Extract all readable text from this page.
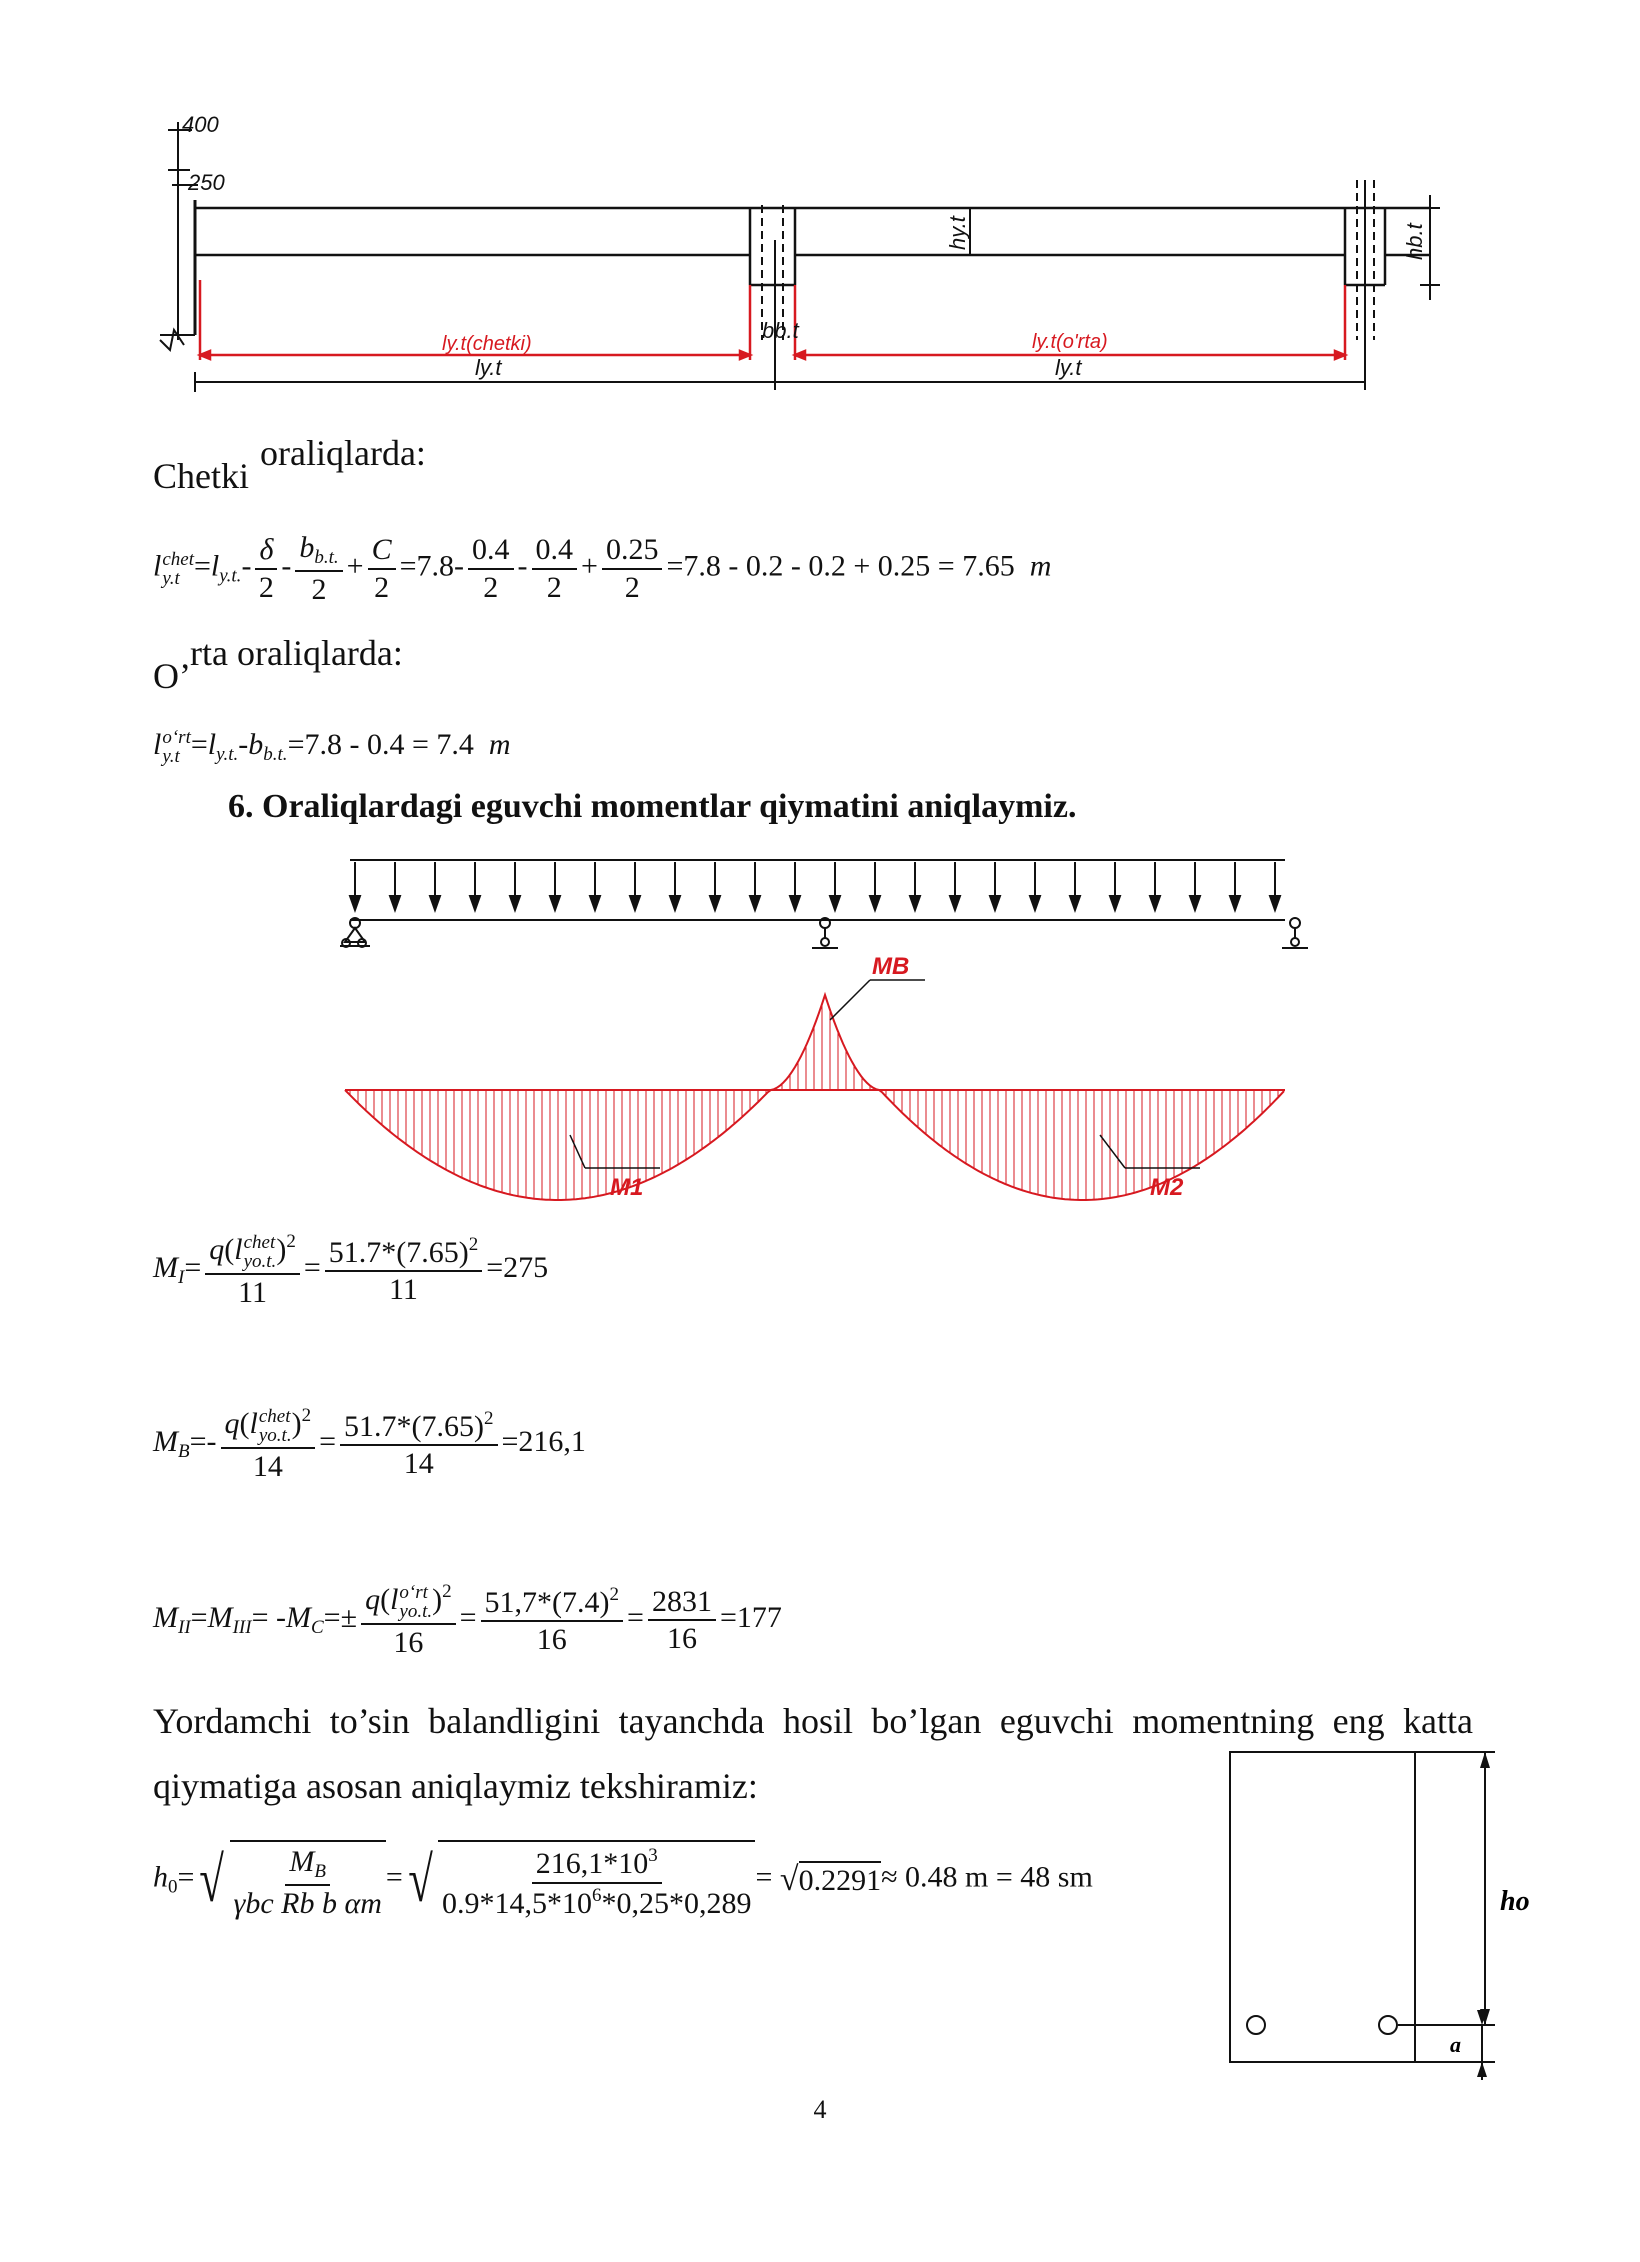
400
250
hy.t	hb.t
bb.t
ly.t(chetki)	ly.t(o'rta)
ly.t	ly.t
Chetki
oraliqlarda:
l chet
$y.t =l_{y.t.}- \frac{\delta}{2} - \frac{b_{b.t.}}{2} + \frac{C}{2} =7.8- \frac{0.4}{2} - \frac{0.4}{2} + \frac{0.25}{2} =7.8 - 0.2 - 0.2 + 0.25 = 7.65$ m
O’
rta oraliqlarda:
l o‘rt
$y.t =l_{y.t.}-b_{b.t.}=7.8 - 0.4 = 7.4$ m
6. Oraliqlardagi eguvchi momentlar qiymatini aniqlaymiz.
MB
M1	M2
$M_I= q(l$ chet
yo.t. )$^2$
$11 = \frac{51.7*(7.65)^2}{11} =275$
$M_B=-$ q(l chet
yo.t. )$^2$
$14 = \frac{51.7*(7.65)^2}{14} =216,1$
$M_{II}=M_{III}= -M_C=\pm q(l$ o‘rt
yo.t. )$^2$
$16 = \frac{51,7*(7.4)^2}{16} = \frac{2831}{16} =177$
Yordamchi to’sin balandligini tayanchda hosil bo’lgan eguvchi momentning eng katta
qiymatiga asosan aniqlaymiz tekshiramiz:
$h_0=$ √ $\frac{M_B}{\text{γbc Rb b αm}}$ = √ $\frac{216,1*10^3}{0.9*14,5*10^6*0,25*0,289}$ = √ 0.2291 ≈ 0.48 m = 48 sm
ho
a
4
